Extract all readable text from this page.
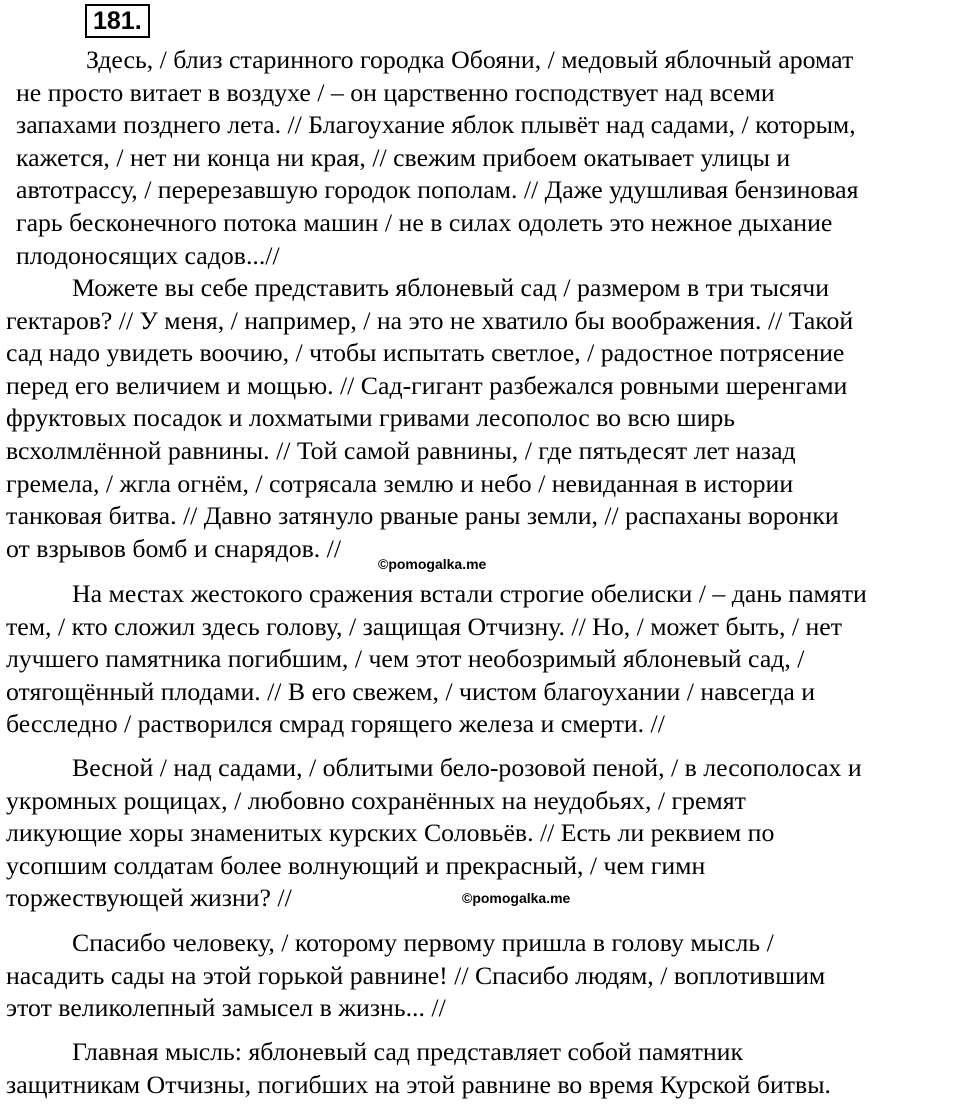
181.

Здесь, / близ старинного городка Обояни, / медовый яблочный аромат
не просто витает в воздухе / – он царственно господствует над всеми
запахами позднего лета. // Благоухание яблок плывёт над садами, / которым,
кажется, / нет ни конца ни края, // свежим прибоем окатывает улицы и
автотрассу, / перерезавшую городок пополам. // Даже удушливая бензиновая
гарь бесконечного потока машин / не в силах одолеть это нежное дыхание
плодоносящих садов...//

Можете вы себе представить яблоневый сад / размером в три тысячи
гектаров? // У меня, / например, / на это не хватило бы воображения. // Такой
сад надо увидеть воочию, / чтобы испытать светлое, / радостное потрясение
перед его величием и мощью. // Сад-гигант разбежался ровными шеренгами
фруктовых посадок и лохматыми гривами лесополос во всю ширь
всхолмлённой равнины. // Той самой равнины, / где пятьдесят лет назад
гремела, / жгла огнём, / сотрясала землю и небо / невиданная в истории
танковая битва. // Давно затянуло рваные раны земли, // распаханы воронки
от взрывов бомб и снарядов. //

©pomogalka.me

На местах жестокого сражения встали строгие обелиски / – дань памяти
тем, / кто сложил здесь голову, / защищая Отчизну. // Но, / может быть, / нет
лучшего памятника погибшим, / чем этот необозримый яблоневый сад, /
отягощённый плодами. // В его свежем, / чистом благоухании / навсегда и
бесследно / растворился смрад горящего железа и смерти. //

Весной / над садами, / облитыми бело-розовой пеной, / в лесополосах и
укромных рощицах, / любовно сохранённых на неудобьях, / гремят
ликующие хоры знаменитых курских Соловьёв. // Есть ли реквием по
усопшим солдатам более волнующий и прекрасный, / чем гимн
торжествующей жизни? //	©pomogalka.me

Спасибо человеку, / которому первому пришла в голову мысль /
насадить сады на этой горькой равнине! // Спасибо людям, / воплотившим
этот великолепный замысел в жизнь... //

Главная мысль: яблоневый сад представляет собой памятник
защитникам Отчизны, погибших на этой равнине во время Курской битвы.
